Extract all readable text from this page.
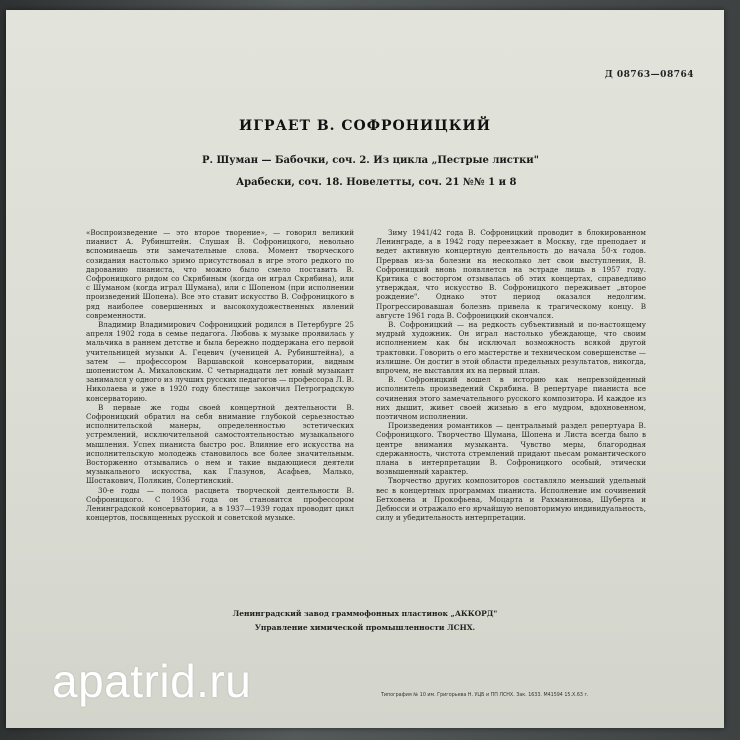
Д 08763—08764
ИГРАЕТ В. СОФРОНИЦКИЙ
Р. Шуман — Бабочки, соч. 2. Из цикла „Пестрые листки"
Арабески, соч. 18. Новелетты, соч. 21 №№ 1 и 8

«Воспроизведение — это второе творение», — говорил великий пианист А. Рубинштейн. Слушая В. Софроницкого, невольно вспоминаешь эти замечательные слова. Момент творческого созидания настолько зримо присутствовал в игре этого редкого по дарованию пианиста, что можно было смело поставить В. Софроницкого рядом со Скрябиным (когда он играл Скрябина), или с Шуманом (когда играл Шумана), или с Шопеном (при исполнении произведений Шопена). Все это ставит искусство В. Софроницкого в ряд наиболее совершенных и высокохудожественных явлений современности.

Владимир Владимирович Софроницкий родился в Петербурге 25 апреля 1902 года в семье педагога. Любовь к музыке проявилась у мальчика в раннем детстве и была бережно поддержана его первой учительницей музыки А. Гецевич (ученицей А. Рубинштейна), а затем — профессором Варшавской консерватории, видным шопенистом А. Михаловским. С четырнадцати лет юный музыкант занимался у одного из лучших русских педагогов — профессора Л. В. Николаева и уже в 1920 году блестяще закончил Петроградскую консерваторию.

В первые же годы своей концертной деятельности В. Софроницкий обратил на себя внимание глубокой серьезностью исполнительской манеры, определенностью эстетических устремлений, исключительной самостоятельностью музыкального мышления. Успех пианиста быстро рос. Влияние его искусства на исполнительскую молодежь становилось все более значительным. Восторженно отзывались о нем и такие выдающиеся деятели музыкального искусства, как Глазунов, Асафьев, Малько, Шостакович, Полякин, Солертинский.

30-е годы — полоса расцвета творческой деятельности В. Софроницкого. С 1936 года он становится профессором Ленинградской консерватории, а в 1937—1939 годах проводит цикл концертов, посвященных русской и советской музыке.

Зиму 1941/42 года В. Софроницкий проводит в блокированном Ленинграде, а в 1942 году переезжает в Москву, где преподает и ведет активную концертную деятельность до начала 50-х годов. Прервав из-за болезни на несколько лет свои выступления, В. Софроницкий вновь появляется на эстраде лишь в 1957 году. Критика с восторгом отзывалась об этих концертах, справедливо утверждая, что искусство В. Софроницкого переживает „второе рождение". Однако этот период оказался недолгим. Прогрессировавшая болезнь привела к трагическому концу. В августе 1961 года В. Софроницкий скончался.

В. Софроницкий — на редкость субъективный и по-настоящему мудрый художник. Он играл настолько убеждающе, что своим исполнением как бы исключал возможность всякой другой трактовки. Говорить о его мастерстве и техническом совершенстве — излишне. Он достиг в этой области предельных результатов, никогда, впрочем, не выставляя их на первый план.

В. Софроницкий вошел в историю как непревзойденный исполнитель произведений Скрябина. В репертуаре пианиста все сочинения этого замечательного русского композитора. И каждое из них дышит, живет своей жизнью в его мудром, вдохновенном, поэтичном исполнении.

Произведения романтиков — центральный раздел репертуара В. Софроницкого. Творчество Шумана, Шопена и Листа всегда было в центре внимания музыканта. Чувство меры, благородная сдержанность, чистота стремлений придают пьесам романтического плана в интерпретации В. Софроницкого особый, этически возвышенный характер.

Творчество других композиторов составляло меньший удельный вес в концертных программах пианиста. Исполнение им сочинений Бетховена и Прокофьева, Моцарта и Рахманинова, Шуберта и Дебюсси и отражало его ярчайшую неповторимую индивидуальность, силу и убедительность интерпретации.

Ленинградский завод граммофонных пластинок „АККОРД"
Управление химической промышленности ЛСНХ.
Типография № 10 им. Григорьева Н. УЦБ и ПП ЛСНХ. Зак. 1633. М41594 15.X.63 г.
apatrid.ru
